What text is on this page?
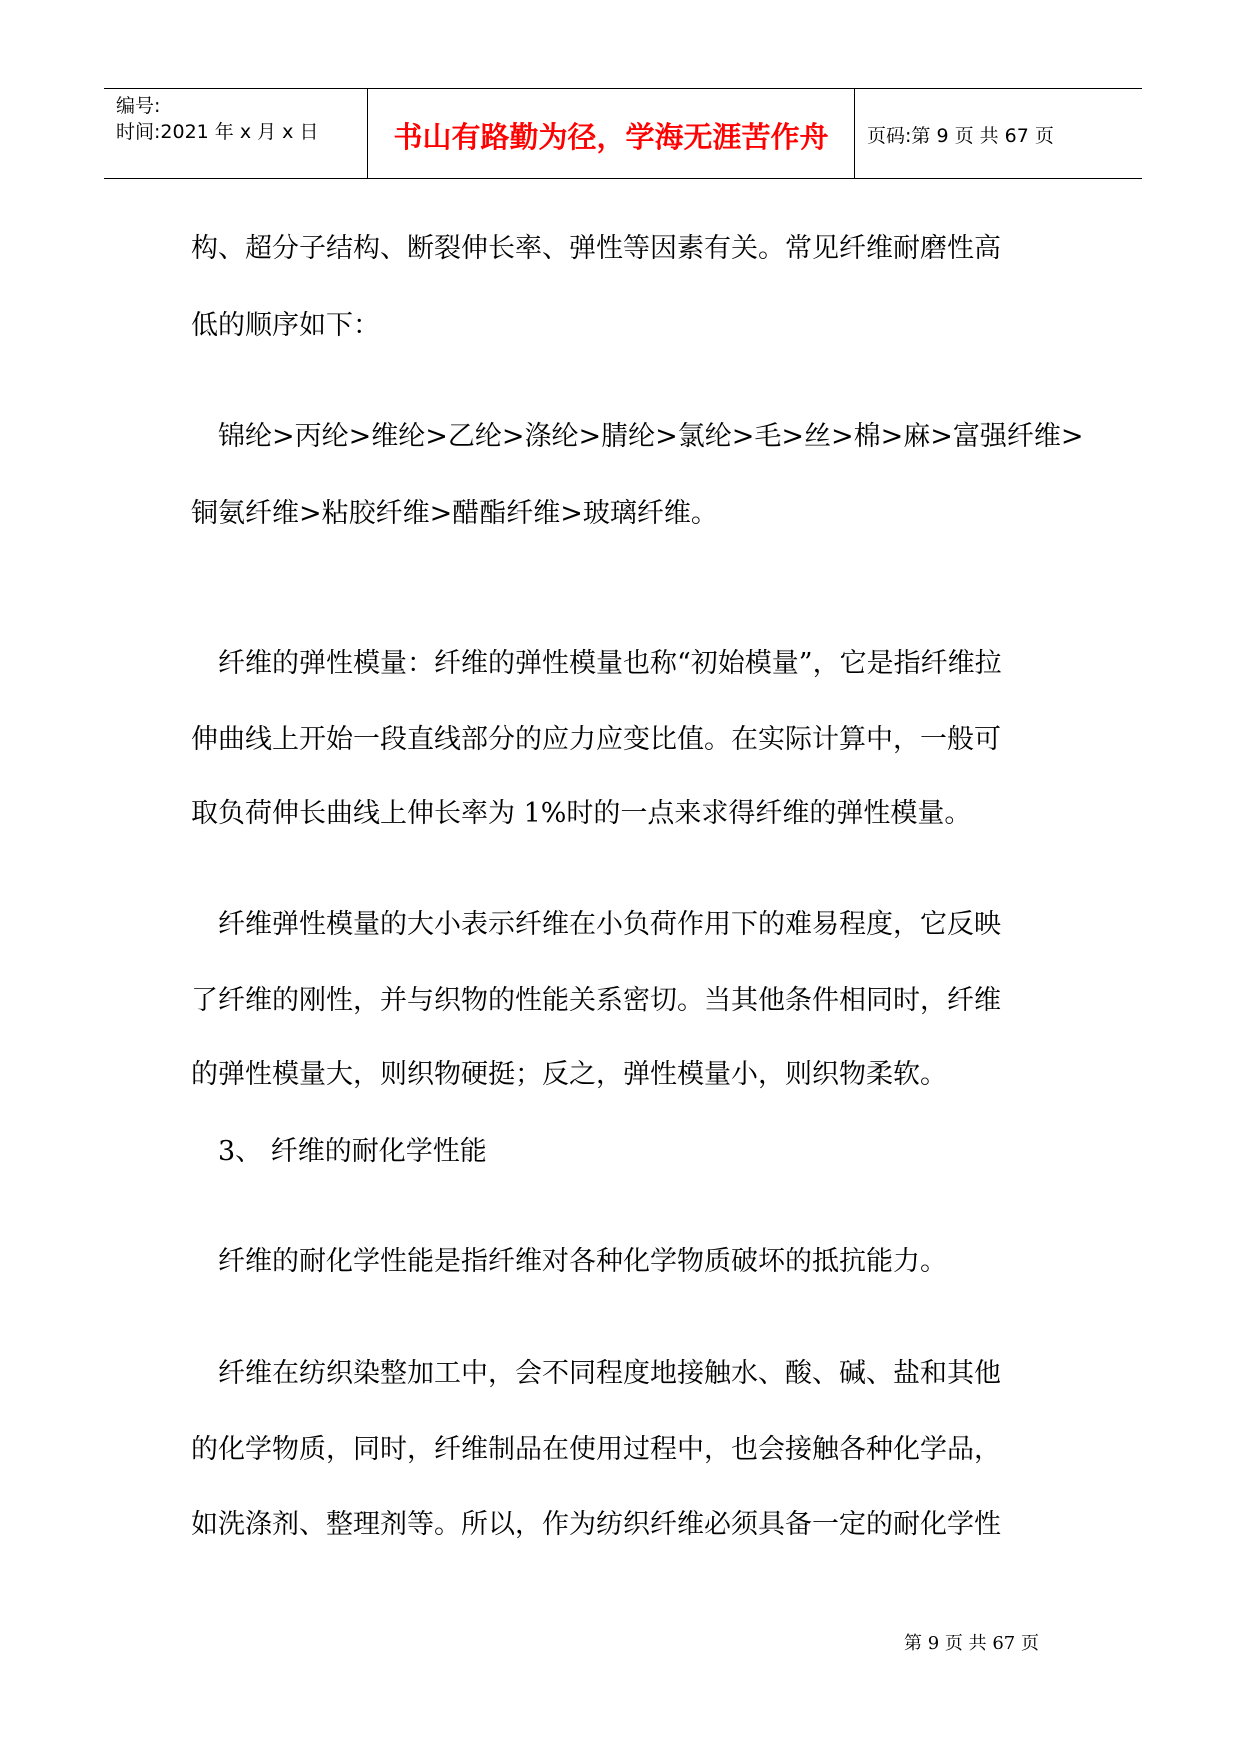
编号:
时间:2021 年 x 月 x 日	书山有路勤为径，学海无涯苦作舟	页码:第 9 页 共 67 页
构、超分子结构、断裂伸长率、弹性等因素有关。常见纤维耐磨性高
低的顺序如下：
锦纶>丙纶>维纶>乙纶>涤纶>腈纶>氯纶>毛>丝>棉>麻>富强纤维>
铜氨纤维>粘胶纤维>醋酯纤维>玻璃纤维。
纤维的弹性模量：纤维的弹性模量也称“初始模量”，它是指纤维拉
伸曲线上开始一段直线部分的应力应变比值。在实际计算中，一般可
取负荷伸长曲线上伸长率为 1%时的一点来求得纤维的弹性模量。
纤维弹性模量的大小表示纤维在小负荷作用下的难易程度，它反映
了纤维的刚性，并与织物的性能关系密切。当其他条件相同时，纤维
的弹性模量大，则织物硬挺；反之，弹性模量小，则织物柔软。
3、 纤维的耐化学性能
纤维的耐化学性能是指纤维对各种化学物质破坏的抵抗能力。
纤维在纺织染整加工中，会不同程度地接触水、酸、碱、盐和其他
的化学物质，同时，纤维制品在使用过程中，也会接触各种化学品，
如洗涤剂、整理剂等。所以，作为纺织纤维必须具备一定的耐化学性
第 9 页 共 67 页
